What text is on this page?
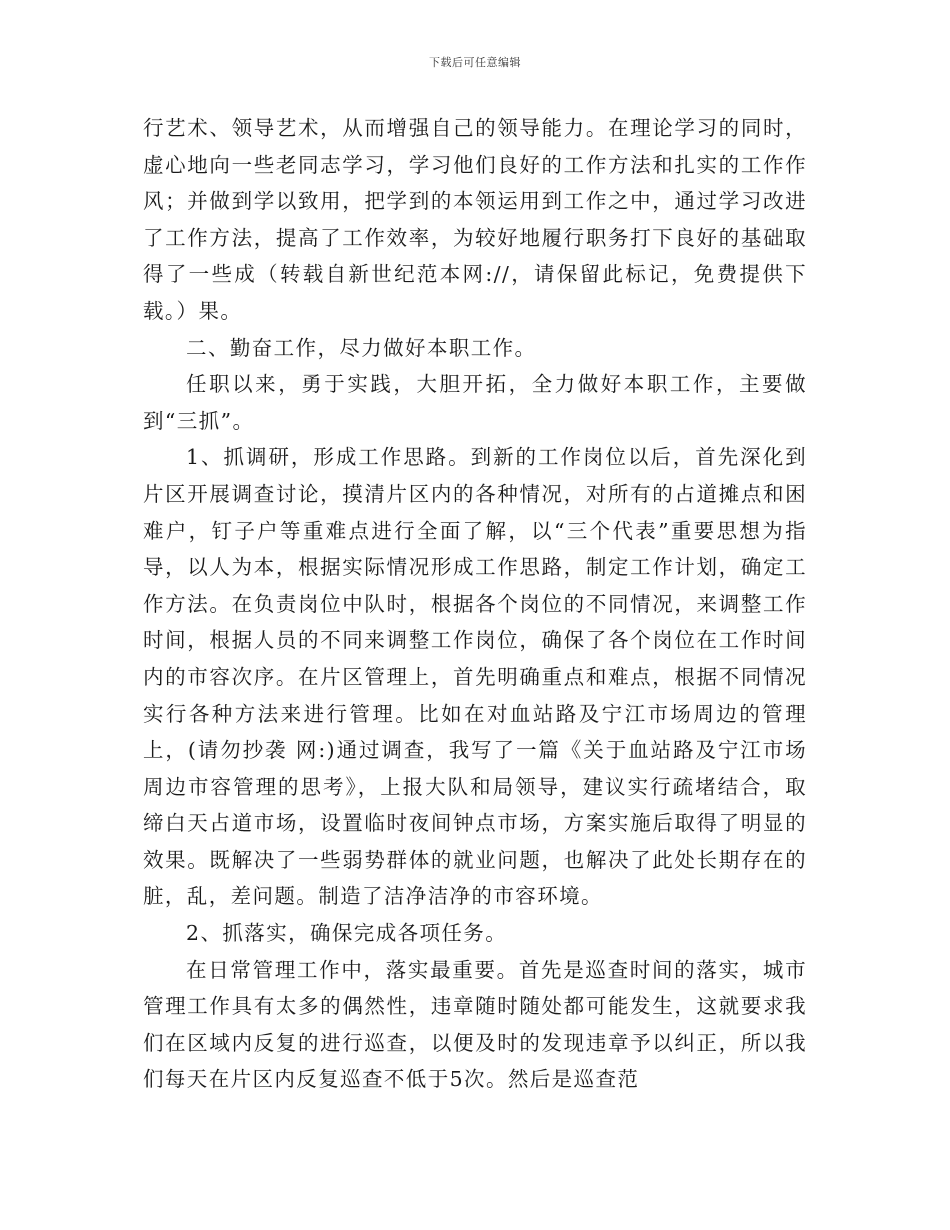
下载后可任意编辑

行艺术、领导艺术，从而增强自己的领导能力。在理论学习的同时，虚心地向一些老同志学习，学习他们良好的工作方法和扎实的工作作风；并做到学以致用，把学到的本领运用到工作之中，通过学习改进了工作方法，提高了工作效率，为较好地履行职务打下良好的基础取得了一些成（转载自新世纪范本网://，请保留此标记，免费提供下载。）果。

二、勤奋工作，尽力做好本职工作。

任职以来，勇于实践，大胆开拓，全力做好本职工作，主要做到“三抓”。

1、抓调研，形成工作思路。到新的工作岗位以后，首先深化到片区开展调查讨论，摸清片区内的各种情况，对所有的占道摊点和困难户，钉子户等重难点进行全面了解，以“三个代表”重要思想为指导，以人为本，根据实际情况形成工作思路，制定工作计划，确定工作方法。在负责岗位中队时，根据各个岗位的不同情况，来调整工作时间，根据人员的不同来调整工作岗位，确保了各个岗位在工作时间内的市容次序。在片区管理上，首先明确重点和难点，根据不同情况实行各种方法来进行管理。比如在对血站路及宁江市场周边的管理上，(请勿抄袭 网:)通过调查，我写了一篇《关于血站路及宁江市场周边市容管理的思考》，上报大队和局领导，建议实行疏堵结合，取缔白天占道市场，设置临时夜间钟点市场，方案实施后取得了明显的效果。既解决了一些弱势群体的就业问题，也解决了此处长期存在的脏，乱，差问题。制造了洁净洁净的市容环境。

2、抓落实，确保完成各项任务。

在日常管理工作中，落实最重要。首先是巡查时间的落实，城市管理工作具有太多的偶然性，违章随时随处都可能发生，这就要求我们在区域内反复的进行巡查，以便及时的发现违章予以纠正，所以我们每天在片区内反复巡查不低于5次。然后是巡查范
